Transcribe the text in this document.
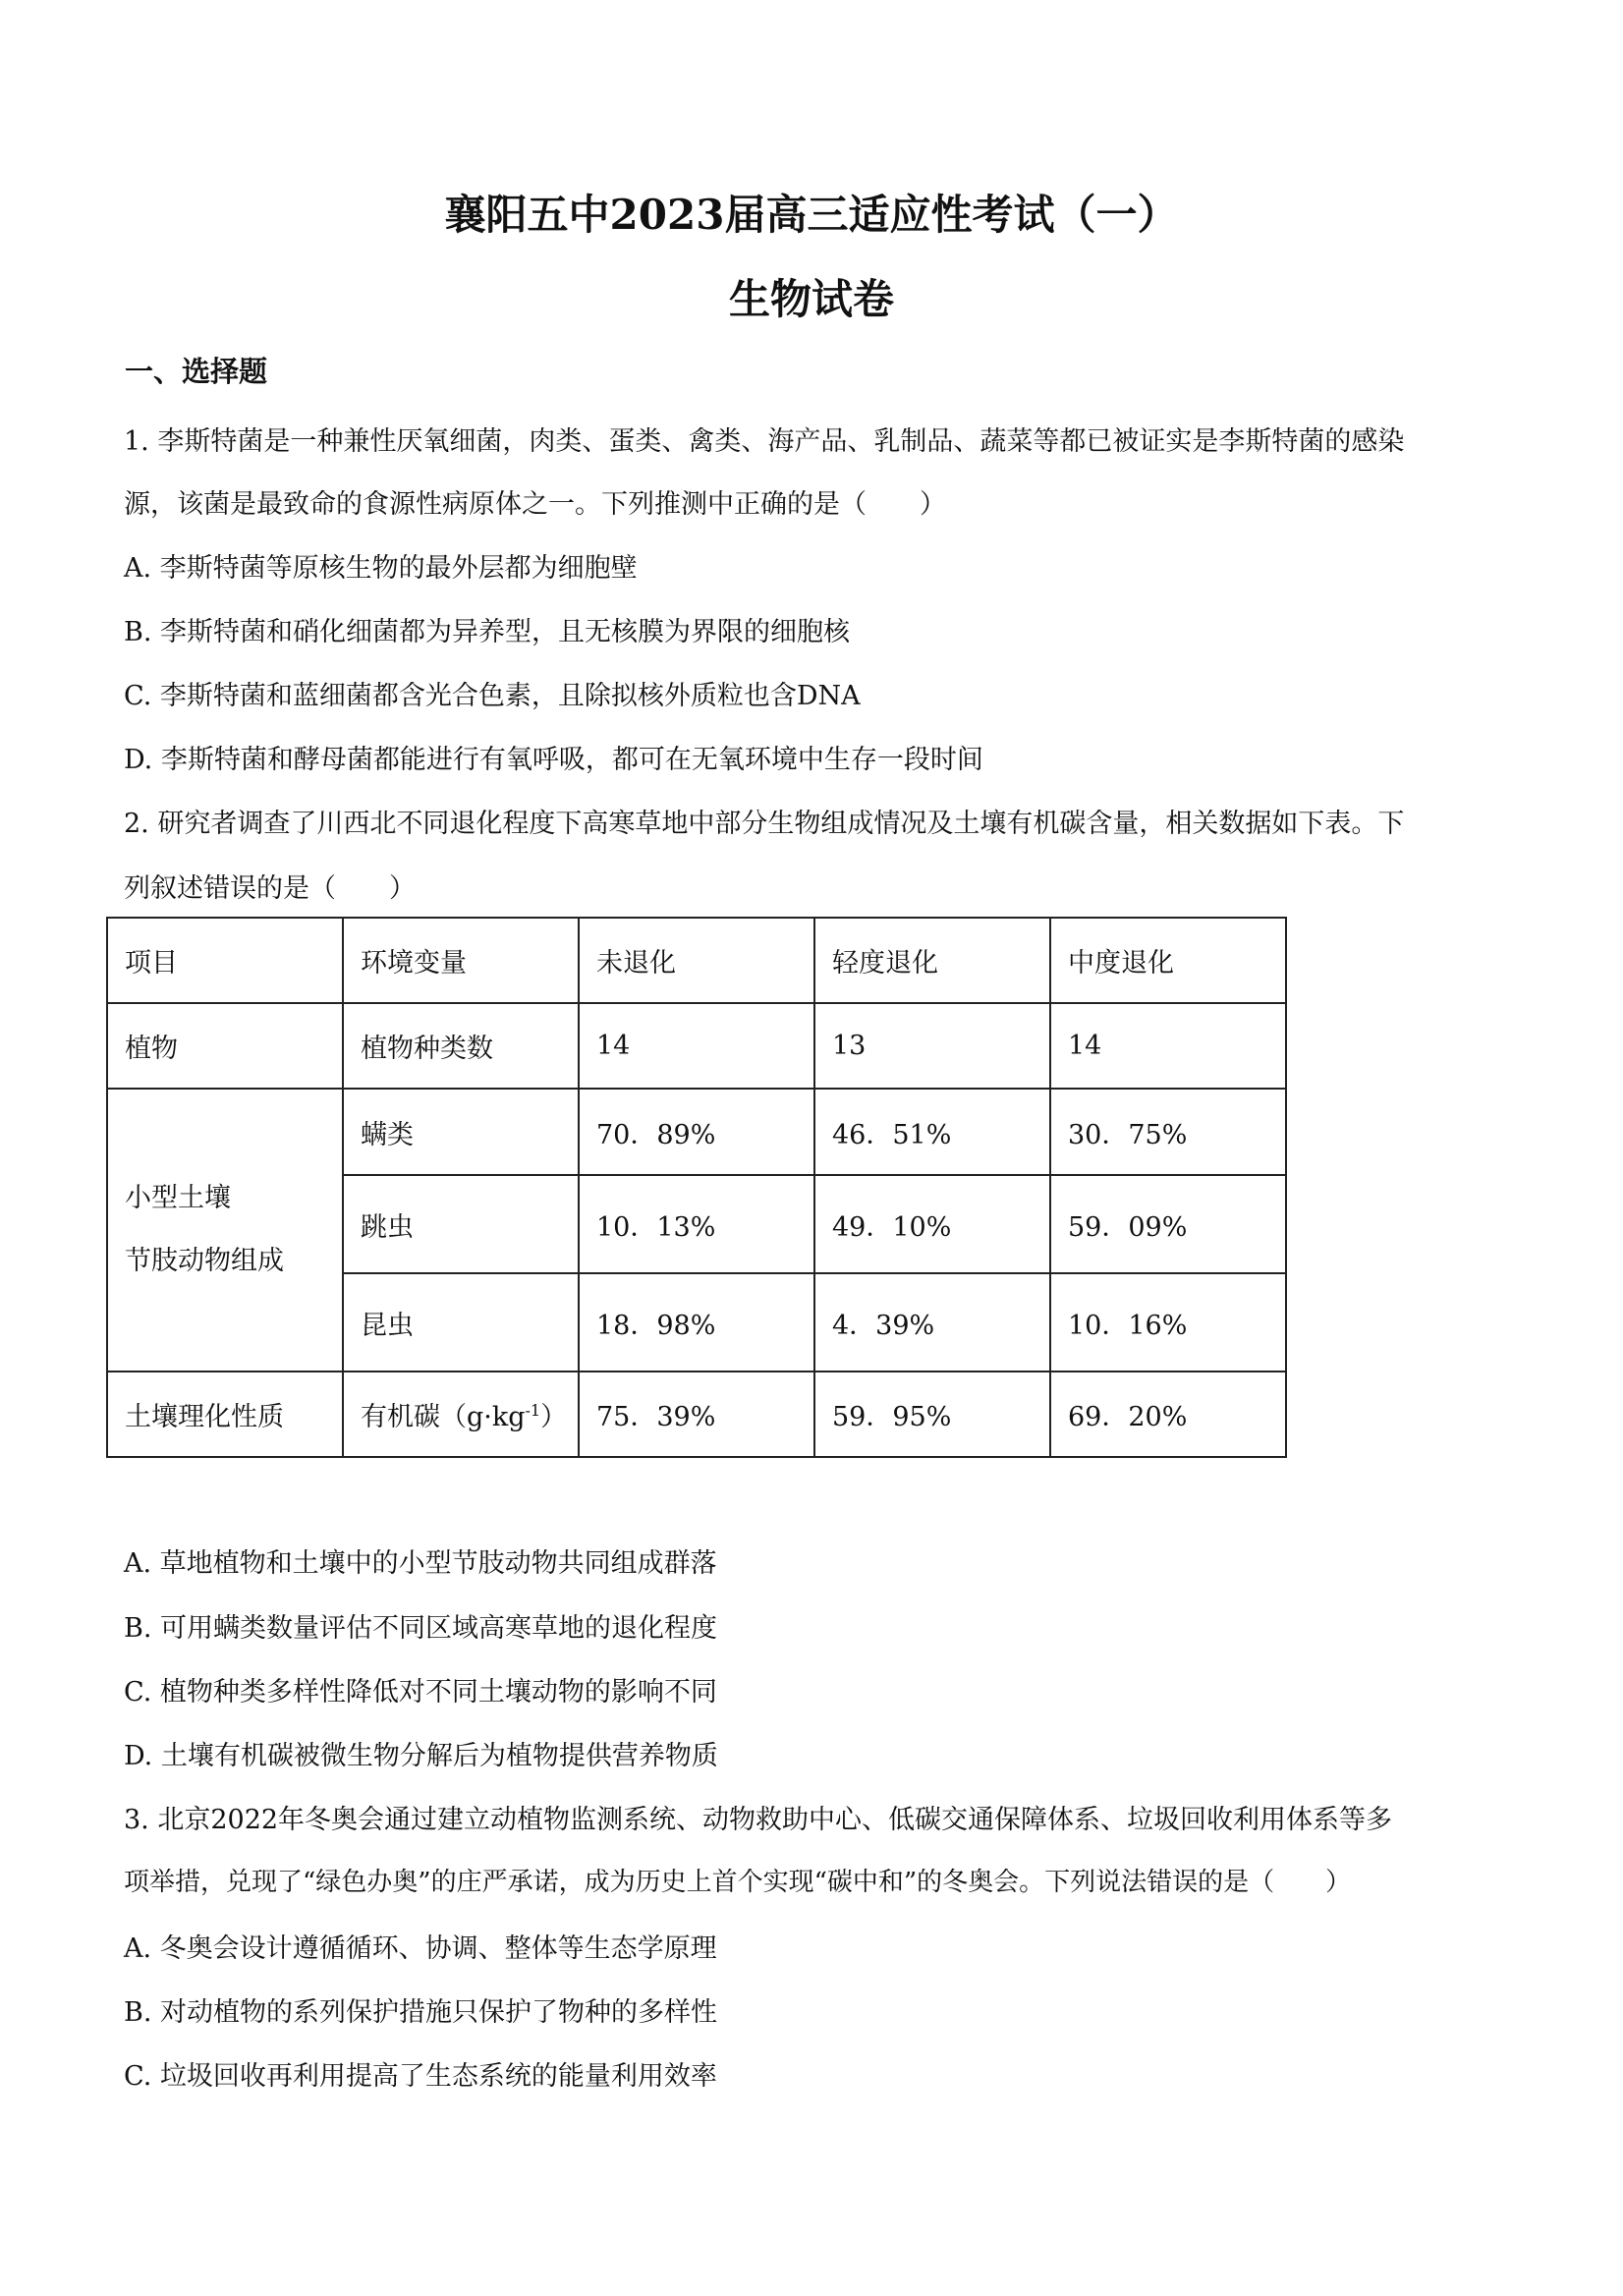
襄阳五中2023届高三适应性考试（一）
生物试卷
一、选择题
1. 李斯特菌是一种兼性厌氧细菌，肉类、蛋类、禽类、海产品、乳制品、蔬菜等都已被证实是李斯特菌的感染
源，该菌是最致命的食源性病原体之一。下列推测中正确的是（　　）
A. 李斯特菌等原核生物的最外层都为细胞壁
B. 李斯特菌和硝化细菌都为异养型，且无核膜为界限的细胞核
C. 李斯特菌和蓝细菌都含光合色素，且除拟核外质粒也含DNA
D. 李斯特菌和酵母菌都能进行有氧呼吸，都可在无氧环境中生存一段时间
2. 研究者调查了川西北不同退化程度下高寒草地中部分生物组成情况及土壤有机碳含量，相关数据如下表。下
列叙述错误的是（　　）
项目	环境变量	未退化	轻度退化	中度退化
植物	植物种类数	14	13	14

小型土壤
节肢动物组成	螨类	70．89%	46．51%	30．75%
	跳虫	10．13%	49．10%	59．09%
	昆虫	18．98%	4．39%	10．16%
土壤理化性质	有机碳$(g\cdot kg^{-1})$	75．39%	59．95%	69．20%
A. 草地植物和土壤中的小型节肢动物共同组成群落
B. 可用螨类数量评估不同区域高寒草地的退化程度
C. 植物种类多样性降低对不同土壤动物的影响不同
D. 土壤有机碳被微生物分解后为植物提供营养物质
3. 北京2022年冬奥会通过建立动植物监测系统、动物救助中心、低碳交通保障体系、垃圾回收利用体系等多
项举措，兑现了“绿色办奥”的庄严承诺，成为历史上首个实现“碳中和”的冬奥会。下列说法错误的是（　　）
A. 冬奥会设计遵循循环、协调、整体等生态学原理
B. 对动植物的系列保护措施只保护了物种的多样性
C. 垃圾回收再利用提高了生态系统的能量利用效率
